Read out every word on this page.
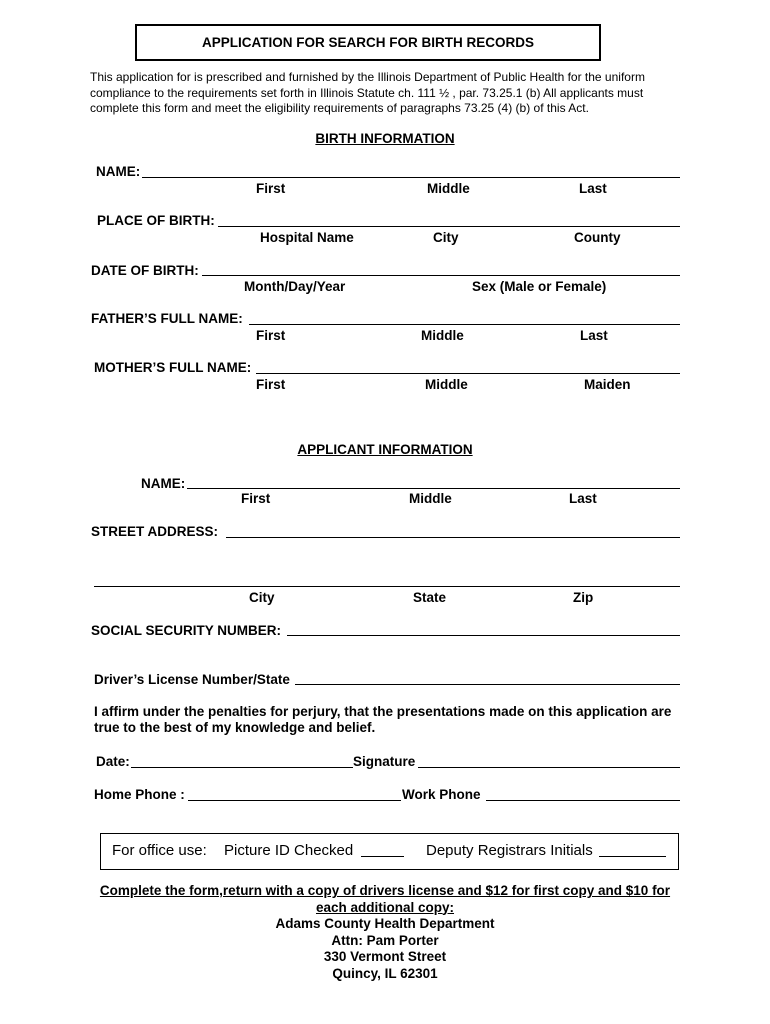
APPLICATION FOR SEARCH FOR BIRTH RECORDS
This application for is prescribed and furnished by the Illinois Department of Public Health for the uniform compliance to the requirements set forth in Illinois Statute ch. 111 ½ , par. 73.25.1 (b) All applicants must complete this form and meet the eligibility requirements of paragraphs 73.25 (4) (b) of this Act.
BIRTH INFORMATION
NAME:
First	Middle	Last
PLACE OF BIRTH:
Hospital Name	City	County
DATE OF BIRTH:
Month/Day/Year	Sex (Male or Female)
FATHER’S FULL NAME:
First	Middle	Last
MOTHER’S FULL NAME:
First	Middle	Maiden
APPLICANT INFORMATION
NAME:
First	Middle	Last
STREET ADDRESS:
City	State	Zip
SOCIAL SECURITY NUMBER:
Driver’s License Number/State
I affirm under the penalties for perjury, that the presentations made on this application are true to the best of my knowledge and belief.
Date:	Signature
Home Phone :	Work Phone
For office use: Picture ID Checked	Deputy Registrars Initials
Complete the form,return with a copy of drivers license and $12 for first copy and $10 for
each additional copy:
Adams County Health Department
Attn: Pam Porter
330 Vermont Street
Quincy, IL 62301
